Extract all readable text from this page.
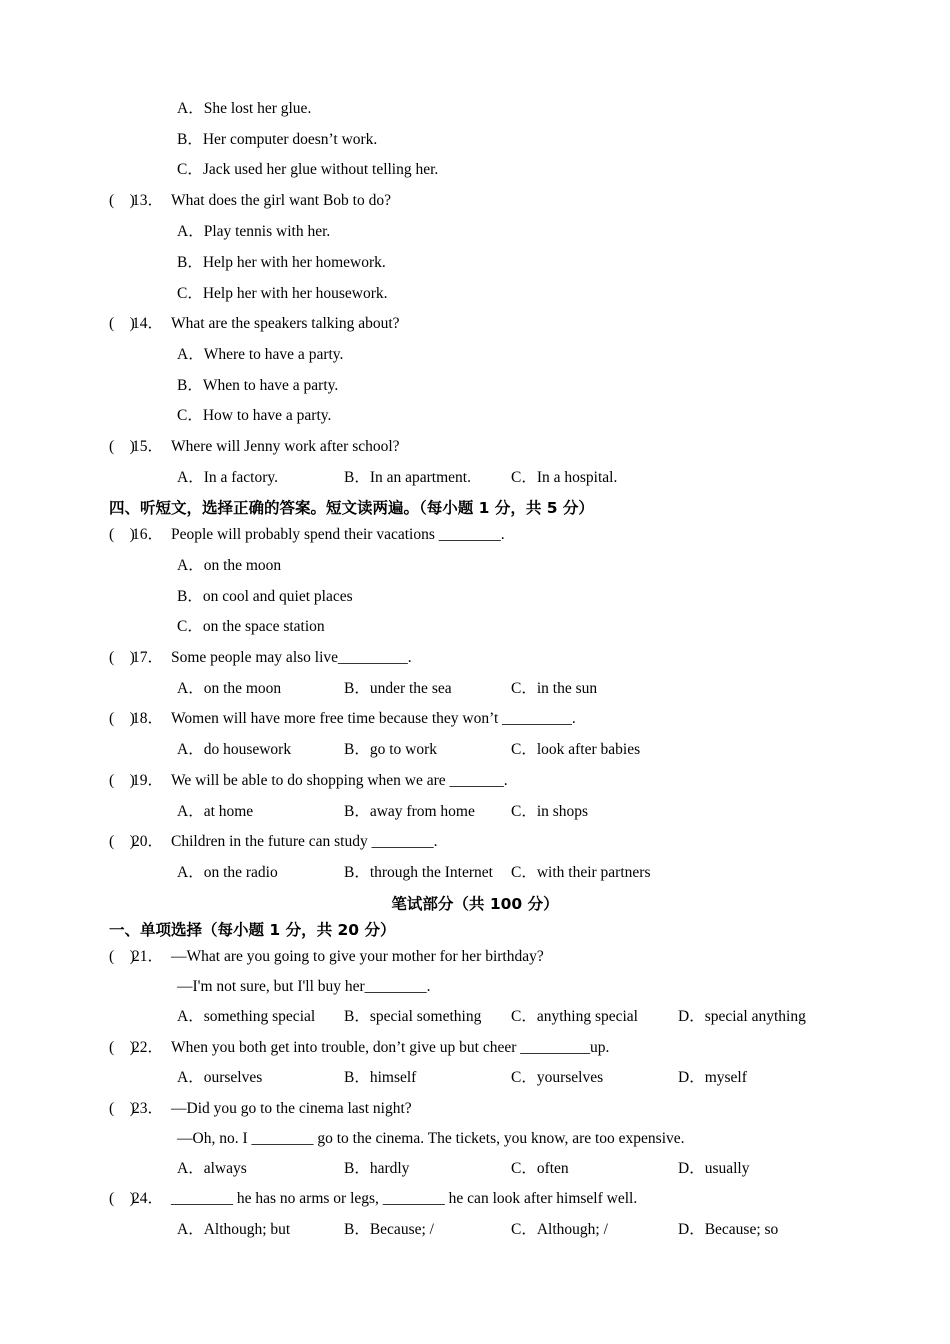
A．She lost her glue.
B．Her computer doesn’t work.
C．Jack used her glue without telling her.
(　)
13． What does the girl want Bob to do?
A．Play tennis with her.
B．Help her with her homework.
C．Help her with her housework.
(　)
14． What are the speakers talking about?
A．Where to have a party.
B．When to have a party.
C．How to have a party.
(　)
15． Where will Jenny work after school?
A．In a factory.	B．In an apartment.	C．In a hospital.
四、听短文，选择正确的答案。短文读两遍。（每小题 1 分，共 5 分）
(　)
16． People will probably spend their vacations ________.
A．on the moon
B．on cool and quiet places
C．on the space station
(　)
17． Some people may also live_________.
A．on the moon	B．under the sea	C．in the sun
(　)
18． Women will have more free time because they won’t _________.
A．do housework	B．go to work	C．look after babies
(　)
19． We will be able to do shopping when we are _______.
A．at home	B．away from home C．in shops
(　)
20． Children in the future can study ________.
A．on the radio	B．through the Internet C．with their partners
笔试部分（共 100 分）
一、单项选择（每小题 1 分，共 20 分）
(　)
21． —What are you going to give your mother for her birthday?
—I'm not sure, but I'll buy her________.
A．something special B．special something C．anything special	D．special anything
(　)
22． When you both get into trouble, don’t give up but cheer _________up.
A．ourselves	B．himself	C．yourselves	D．myself
(　)
23． —Did you go to the cinema last night?
—Oh, no. I ________ go to the cinema. The tickets, you know, are too expensive.
A．always	B．hardly	C．often	D．usually
(　)
24． ________ he has no arms or legs, ________ he can look after himself well.
A．Although; but	B．Because; /	C．Although; /	D．Because; so
